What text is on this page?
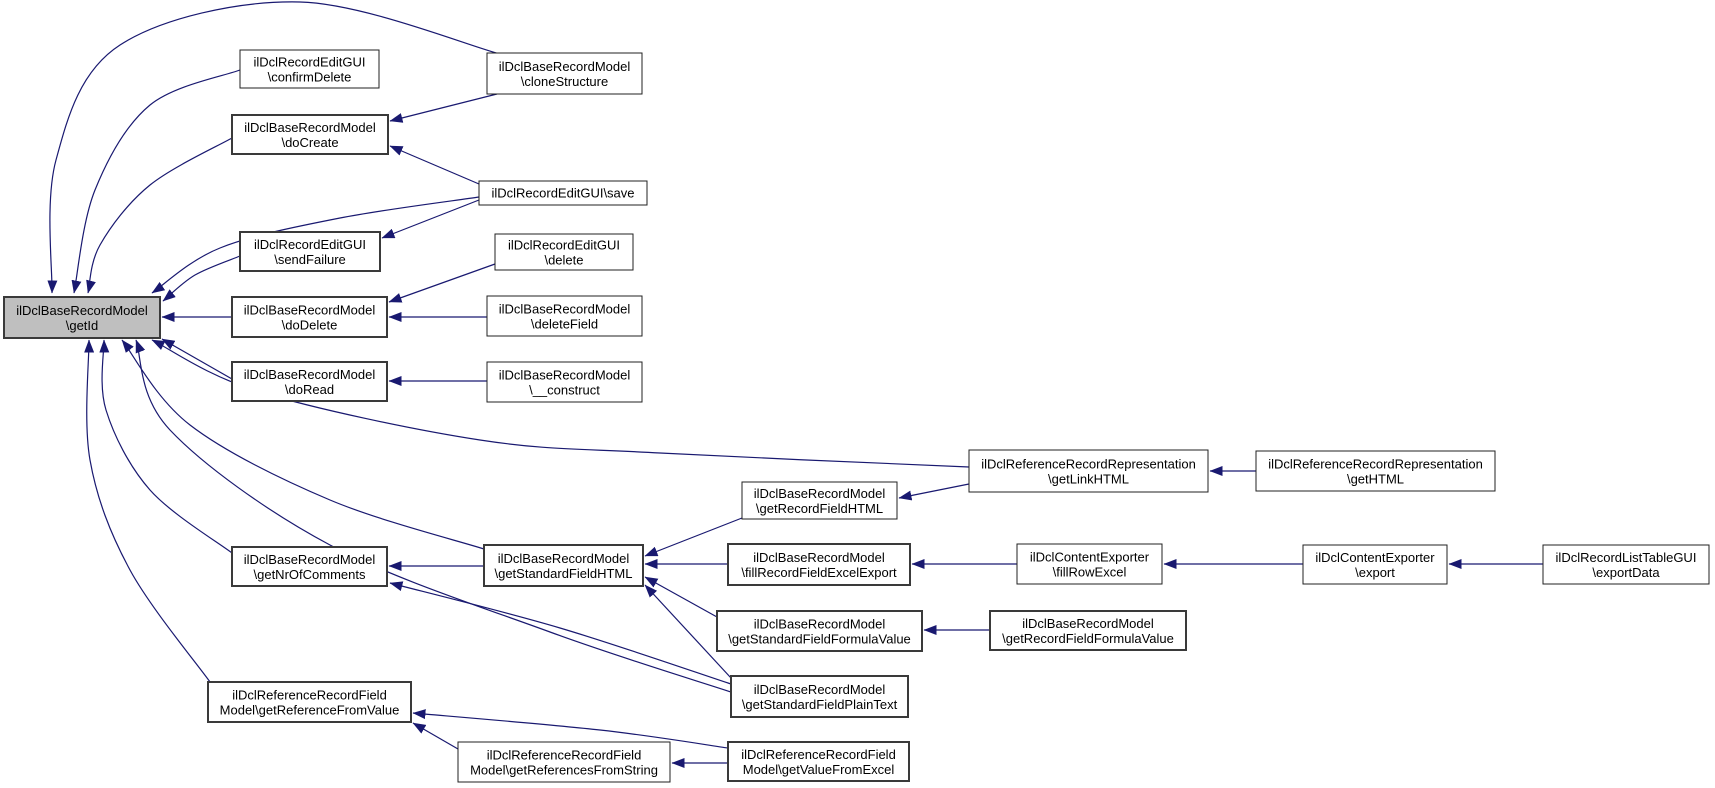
ilDclBaseRecordModel
\getId
ilDclRecordEditGUI
\confirmDelete
ilDclBaseRecordModel
\cloneStructure
ilDclBaseRecordModel
\doCreate
ilDclRecordEditGUI\save
ilDclRecordEditGUI
\sendFailure
ilDclRecordEditGUI
\delete
ilDclBaseRecordModel
\doDelete
ilDclBaseRecordModel
\deleteField
ilDclBaseRecordModel
\doRead
ilDclBaseRecordModel
\__construct
ilDclReferenceRecordRepresentation
\getLinkHTML
ilDclReferenceRecordRepresentation
\getHTML
ilDclBaseRecordModel
\getRecordFieldHTML
ilDclBaseRecordModel
\getNrOfComments
ilDclBaseRecordModel
\getStandardFieldHTML
ilDclBaseRecordModel
\fillRecordFieldExcelExport
ilDclContentExporter
\fillRowExcel
ilDclContentExporter
\export
ilDclRecordListTableGUI
\exportData
ilDclBaseRecordModel
\getStandardFieldFormulaValue
ilDclBaseRecordModel
\getRecordFieldFormulaValue
ilDclBaseRecordModel
\getStandardFieldPlainText
ilDclReferenceRecordField
Model\getReferenceFromValue
ilDclReferenceRecordField
Model\getReferencesFromString
ilDclReferenceRecordField
Model\getValueFromExcel
